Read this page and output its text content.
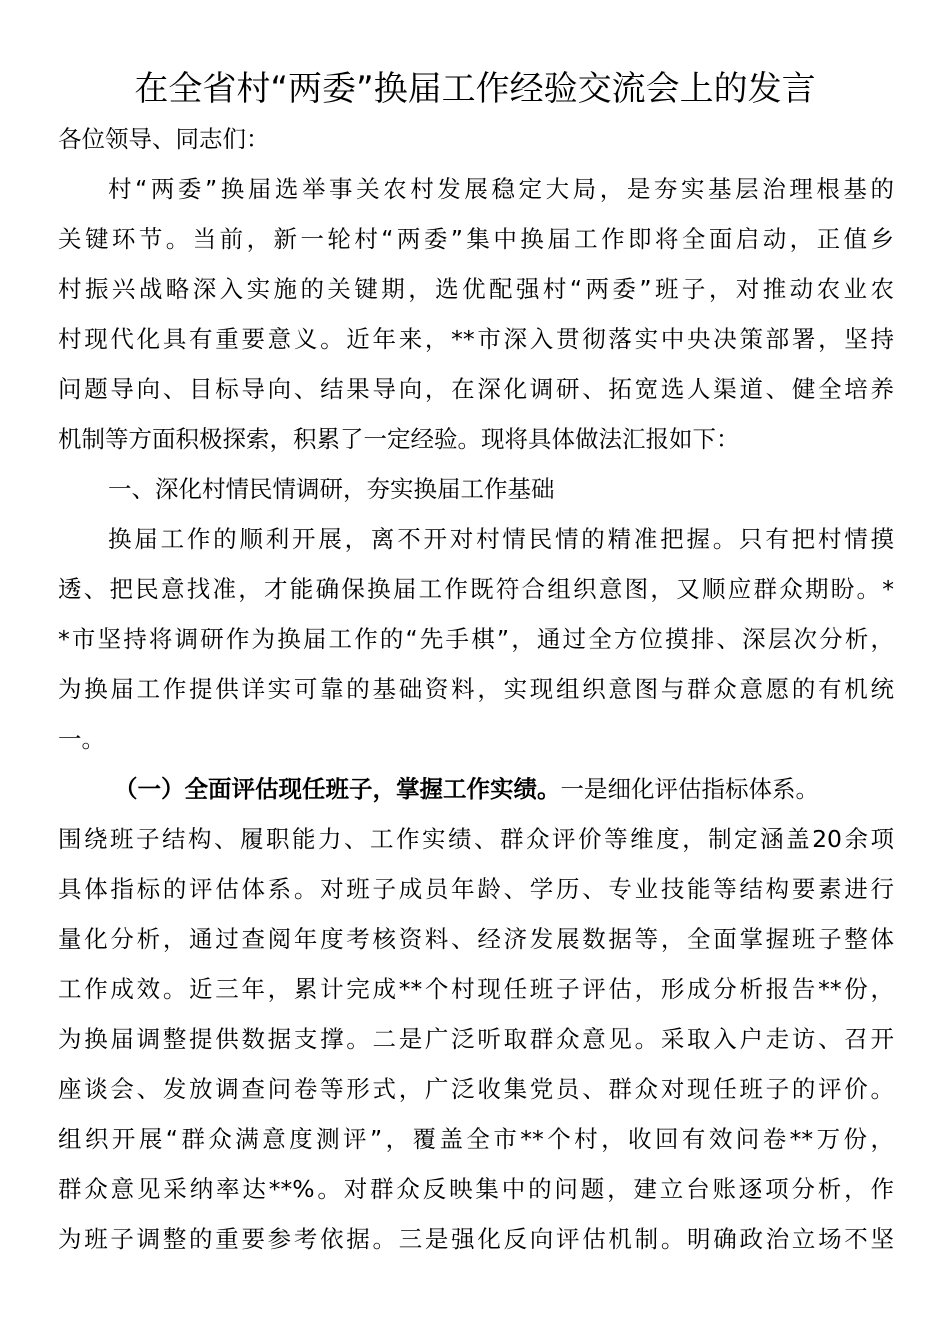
在全省村“两委”换届工作经验交流会上的发言
各位领导、同志们：
村“两委”换届选举事关农村发展稳定大局，是夯实基层治理根基的
关键环节。当前，新一轮村“两委”集中换届工作即将全面启动，正值乡
村振兴战略深入实施的关键期，选优配强村“两委”班子，对推动农业农
村现代化具有重要意义。近年来，**市深入贯彻落实中央决策部署，坚持
问题导向、目标导向、结果导向，在深化调研、拓宽选人渠道、健全培养
机制等方面积极探索，积累了一定经验。现将具体做法汇报如下：
一、深化村情民情调研，夯实换届工作基础
换届工作的顺利开展，离不开对村情民情的精准把握。只有把村情摸
透、把民意找准，才能确保换届工作既符合组织意图，又顺应群众期盼。*
*市坚持将调研作为换届工作的“先手棋”，通过全方位摸排、深层次分析，
为换届工作提供详实可靠的基础资料，实现组织意图与群众意愿的有机统
一。
（一）全面评估现任班子，掌握工作实绩。一是细化评估指标体系。
围绕班子结构、履职能力、工作实绩、群众评价等维度，制定涵盖20余项
具体指标的评估体系。对班子成员年龄、学历、专业技能等结构要素进行
量化分析，通过查阅年度考核资料、经济发展数据等，全面掌握班子整体
工作成效。近三年，累计完成**个村现任班子评估，形成分析报告**份，
为换届调整提供数据支撑。二是广泛听取群众意见。采取入户走访、召开
座谈会、发放调查问卷等形式，广泛收集党员、群众对现任班子的评价。
组织开展“群众满意度测评”，覆盖全市**个村，收回有效问卷**万份，
群众意见采纳率达**%。对群众反映集中的问题，建立台账逐项分析，作
为班子调整的重要参考依据。三是强化反向评估机制。明确政治立场不坚
